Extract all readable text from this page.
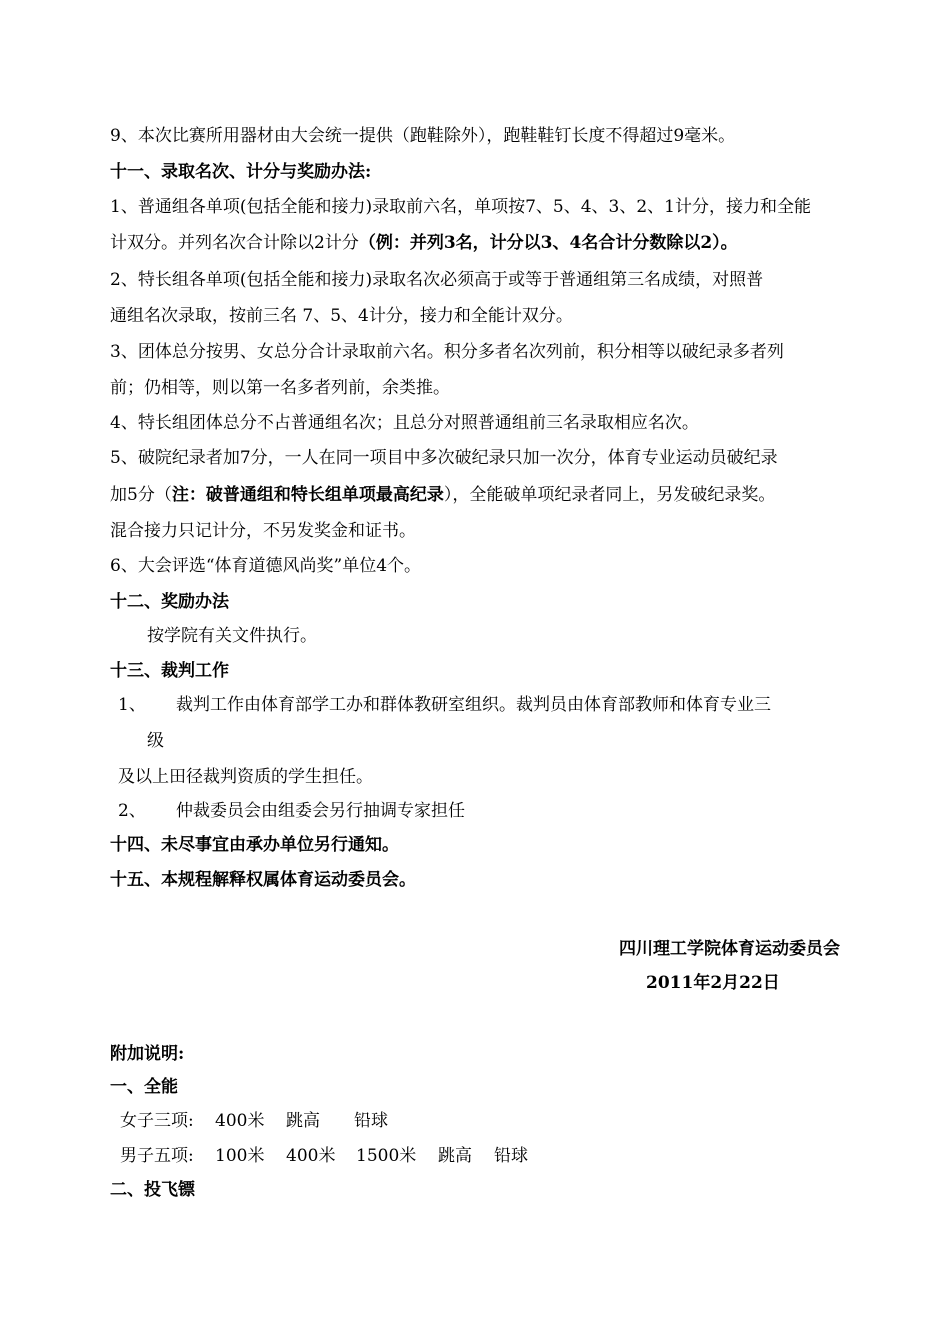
9、本次比赛所用器材由大会统一提供（跑鞋除外），跑鞋鞋钉长度不得超过9毫米。
十一、录取名次、计分与奖励办法:
1、普通组各单项(包括全能和接力)录取前六名，单项按7、5、4、3、2、1计分，接力和全能
计双分。并列名次合计除以2计分（例：并列3名，计分以3、4名合计分数除以2）。
2、特长组各单项(包括全能和接力)录取名次必须高于或等于普通组第三名成绩，对照普
通组名次录取，按前三名 7、5、4计分，接力和全能计双分。
3、团体总分按男、女总分合计录取前六名。积分多者名次列前，积分相等以破纪录多者列
前；仍相等，则以第一名多者列前，余类推。
4、特长组团体总分不占普通组名次；且总分对照普通组前三名录取相应名次。
5、破院纪录者加7分，一人在同一项目中多次破纪录只加一次分，体育专业运动员破纪录
加5分（注：破普通组和特长组单项最高纪录），全能破单项纪录者同上，另发破纪录奖。
混合接力只记计分，不另发奖金和证书。
6、大会评选“体育道德风尚奖”单位4个。
十二、奖励办法
按学院有关文件执行。
十三、裁判工作
1、	裁判工作由体育部学工办和群体教研室组织。裁判员由体育部教师和体育专业三
级
及以上田径裁判资质的学生担任。
2、	仲裁委员会由组委会另行抽调专家担任
十四、未尽事宜由承办单位另行通知。
十五、本规程解释权属体育运动委员会。
四川理工学院体育运动委员会
2011年2月22日
附加说明:
一、全能
女子三项:	400米	跳高	铅球
男子五项:	100米	400米	1500米	跳高	铅球
二、投飞镖
